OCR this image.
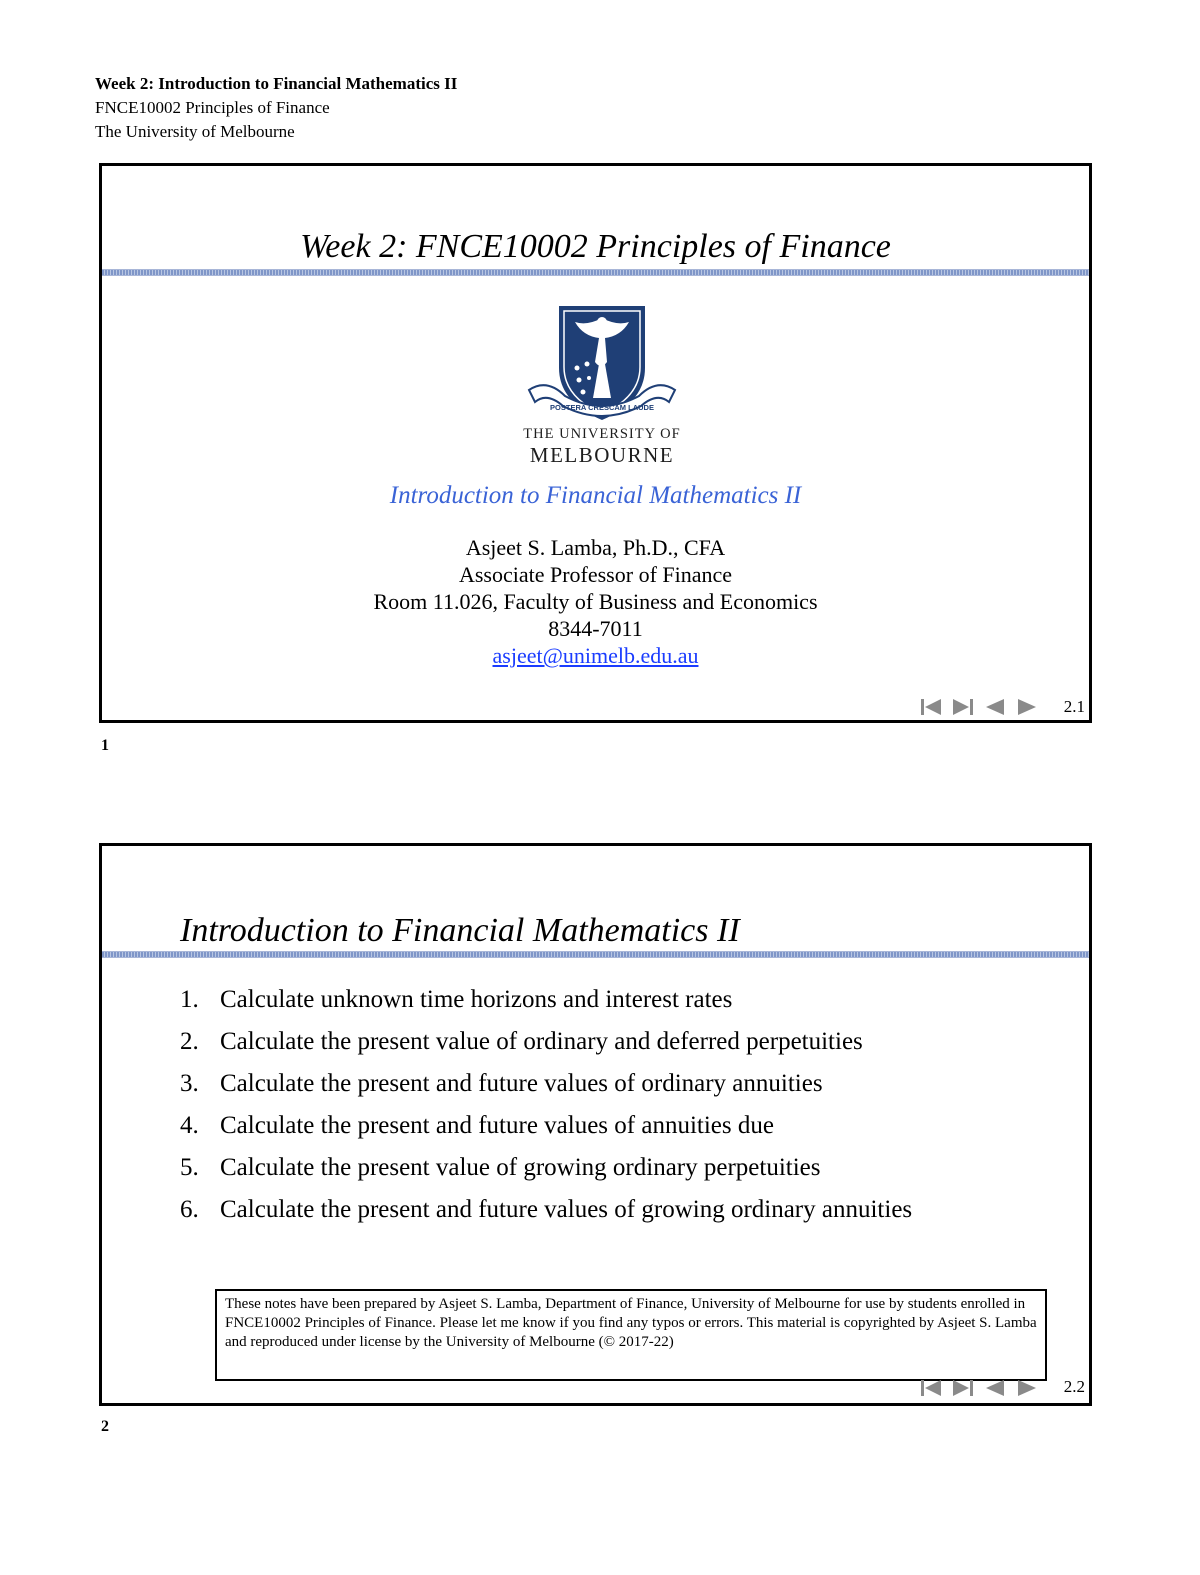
Week 2: Introduction to Financial Mathematics II
FNCE10002 Principles of Finance
The University of Melbourne
Week 2: FNCE10002 Principles of Finance
POSTERA CRESCAM LAUDE
THE UNIVERSITY OF
MELBOURNE
Introduction to Financial Mathematics II
Asjeet S. Lamba, Ph.D., CFA
Associate Professor of Finance
Room 11.026, Faculty of Business and Economics
8344-7011
asjeet@unimelb.edu.au
2.1
1
Introduction to Financial Mathematics II
1. Calculate unknown time horizons and interest rates
2. Calculate the present value of ordinary and deferred perpetuities
3. Calculate the present and future values of ordinary annuities
4. Calculate the present and future values of annuities due
5. Calculate the present value of growing ordinary perpetuities
6. Calculate the present and future values of growing ordinary annuities
These notes have been prepared by Asjeet S. Lamba, Department of Finance, University of Melbourne for use by students enrolled in FNCE10002 Principles of Finance. Please let me know if you find any typos or errors. This material is copyrighted by Asjeet S. Lamba and reproduced under license by the University of Melbourne (© 2017-22)
2.2
2
